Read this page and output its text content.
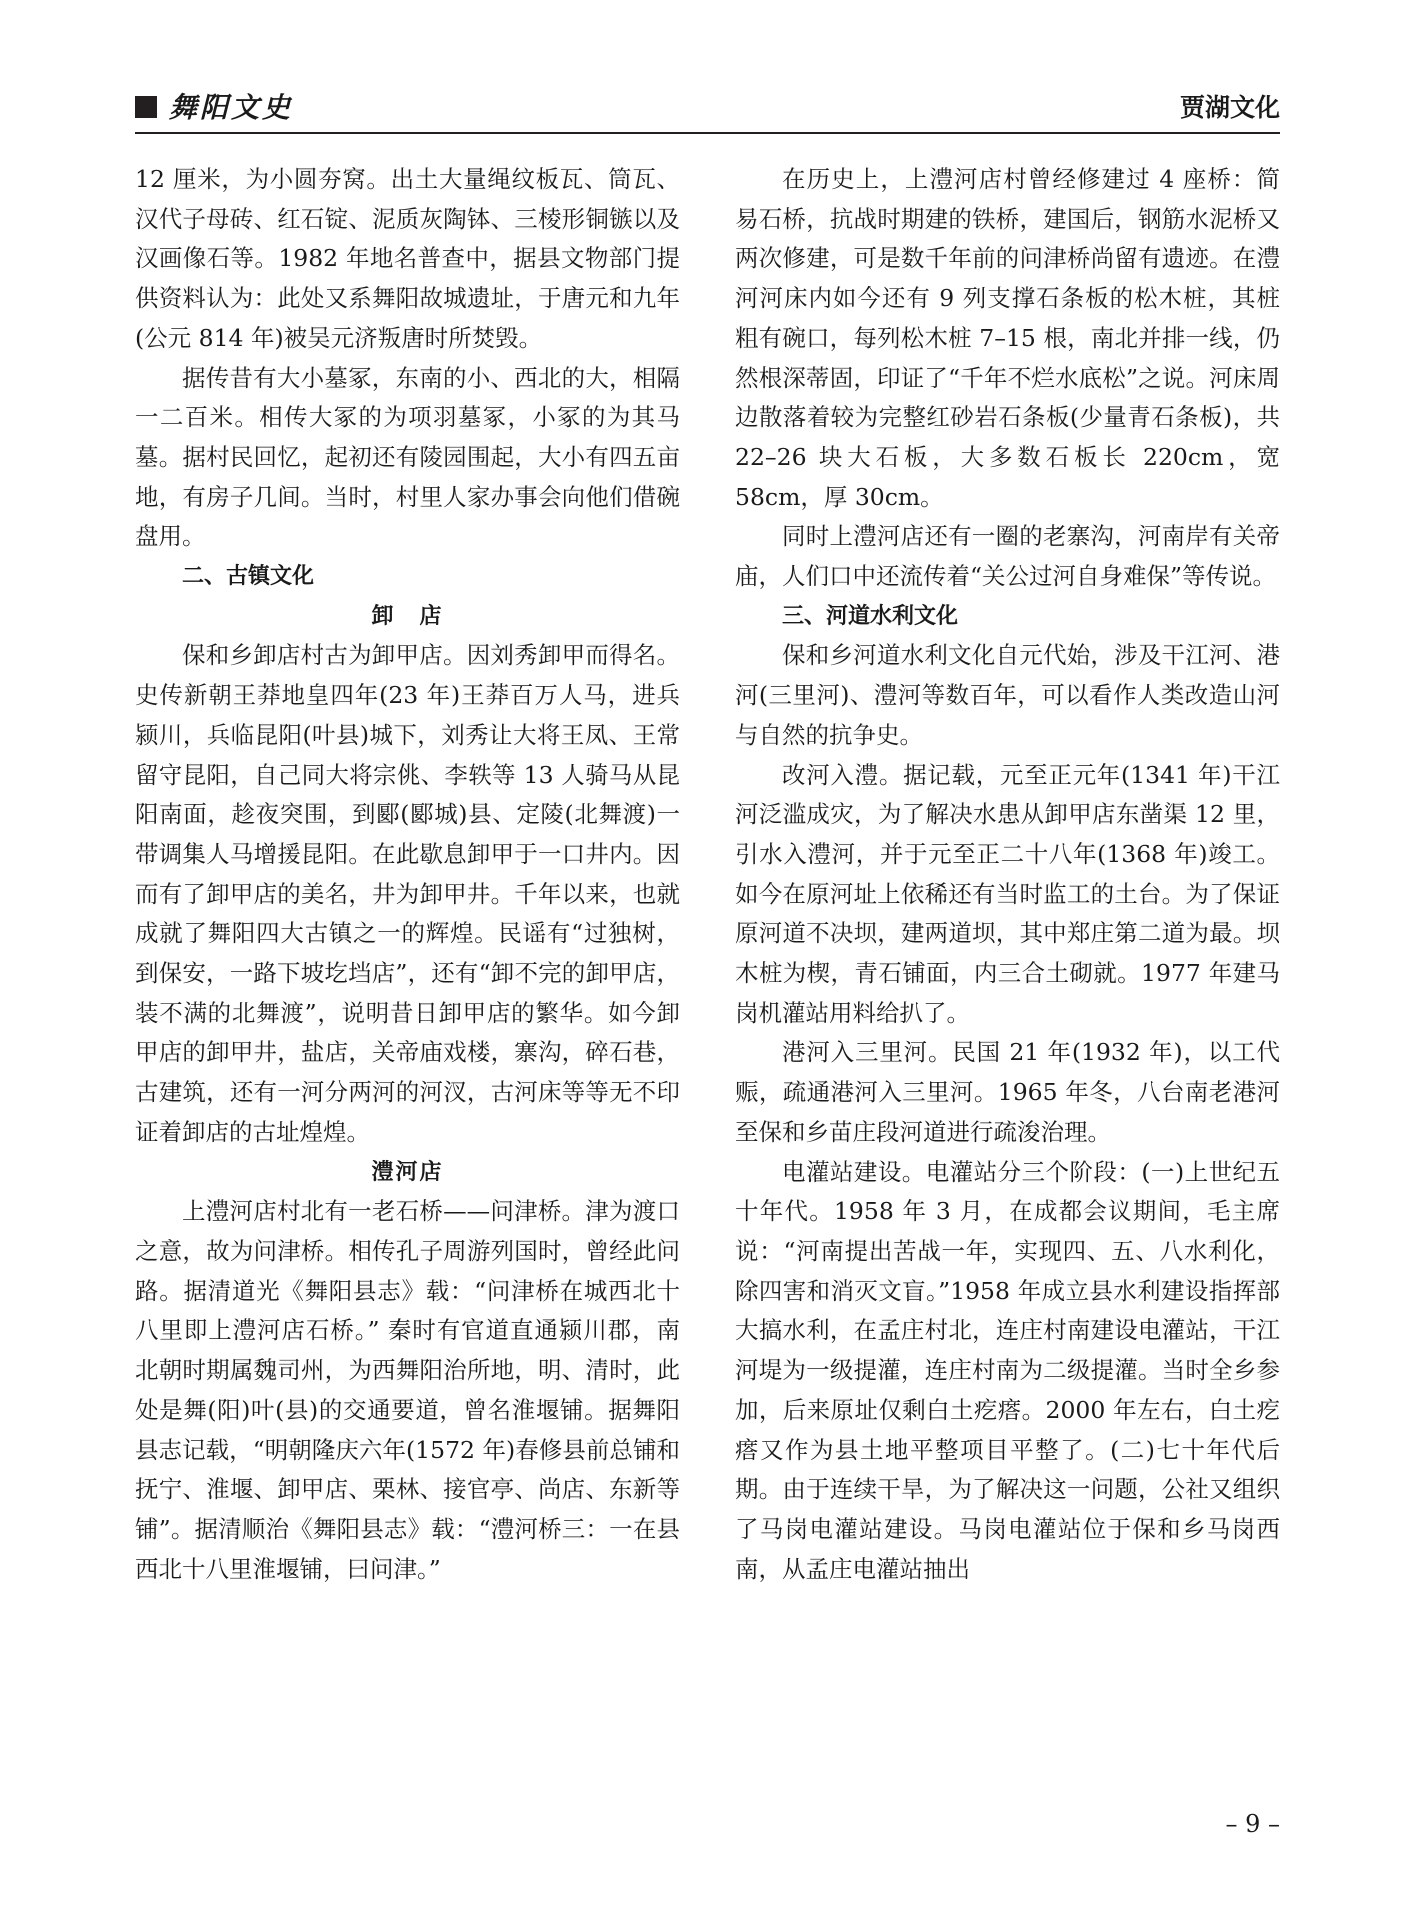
舞阳文史	贾湖文化

12 厘米，为小圆夯窝。出土大量绳纹板瓦、筒瓦、汉代子母砖、红石锭、泥质灰陶钵、三棱形铜镞以及汉画像石等。1982 年地名普查中，据县文物部门提供资料认为：此处又系舞阳故城遗址，于唐元和九年(公元 814 年)被吴元济叛唐时所焚毁。

据传昔有大小墓冢，东南的小、西北的大，相隔一二百米。相传大冢的为项羽墓冢，小冢的为其马墓。据村民回忆，起初还有陵园围起，大小有四五亩地，有房子几间。当时，村里人家办事会向他们借碗盘用。

二、古镇文化
卸　店

保和乡卸店村古为卸甲店。因刘秀卸甲而得名。史传新朝王莽地皇四年(23 年)王莽百万人马，进兵颍川，兵临昆阳(叶县)城下，刘秀让大将王凤、王常留守昆阳，自己同大将宗佻、李轶等 13 人骑马从昆阳南面，趁夜突围，到郾(郾城)县、定陵(北舞渡)一带调集人马增援昆阳。在此歇息卸甲于一口井内。因而有了卸甲店的美名，井为卸甲井。千年以来，也就成就了舞阳四大古镇之一的辉煌。民谣有“过独树，到保安，一路下坡圪垱店”，还有“卸不完的卸甲店，装不满的北舞渡”，说明昔日卸甲店的繁华。如今卸甲店的卸甲井，盐店，关帝庙戏楼，寨沟，碎石巷，古建筑，还有一河分两河的河汊，古河床等等无不印证着卸店的古址煌煌。

澧河店

上澧河店村北有一老石桥——问津桥。津为渡口之意，故为问津桥。相传孔子周游列国时，曾经此问路。据清道光《舞阳县志》载：“问津桥在城西北十八里即上澧河店石桥。” 秦时有官道直通颍川郡，南北朝时期属魏司州，为西舞阳治所地，明、清时，此处是舞(阳)叶(县)的交通要道，曾名淮堰铺。据舞阳县志记载，“明朝隆庆六年(1572 年)春修县前总铺和抚宁、淮堰、卸甲店、栗林、接官亭、尚店、东新等铺”。据清顺治《舞阳县志》载：“澧河桥三：一在县西北十八里淮堰铺，曰问津。”

在历史上，上澧河店村曾经修建过 4 座桥：简易石桥，抗战时期建的铁桥，建国后，钢筋水泥桥又两次修建，可是数千年前的问津桥尚留有遗迹。在澧河河床内如今还有 9 列支撑石条板的松木桩，其桩粗有碗口，每列松木桩 7–15 根，南北并排一线，仍然根深蒂固，印证了“千年不烂水底松”之说。河床周边散落着较为完整红砂岩石条板(少量青石条板)，共 22–26 块大石板，大多数石板长 220cm，宽 58cm，厚 30cm。

同时上澧河店还有一圈的老寨沟，河南岸有关帝庙，人们口中还流传着“关公过河自身难保”等传说。

三、河道水利文化

保和乡河道水利文化自元代始，涉及干江河、港河(三里河)、澧河等数百年，可以看作人类改造山河与自然的抗争史。

改河入澧。据记载，元至正元年(1341 年)干江河泛滥成灾，为了解决水患从卸甲店东凿渠 12 里，引水入澧河，并于元至正二十八年(1368 年)竣工。如今在原河址上依稀还有当时监工的土台。为了保证原河道不决坝，建两道坝，其中郑庄第二道为最。坝木桩为楔，青石铺面，内三合土砌就。1977 年建马岗机灌站用料给扒了。

港河入三里河。民国 21 年(1932 年)，以工代赈，疏通港河入三里河。1965 年冬，八台南老港河至保和乡苗庄段河道进行疏浚治理。

电灌站建设。电灌站分三个阶段：(一)上世纪五十年代。1958 年 3 月，在成都会议期间，毛主席说：“河南提出苦战一年，实现四、五、八水利化，除四害和消灭文盲。”1958 年成立县水利建设指挥部大搞水利，在孟庄村北，连庄村南建设电灌站，干江河堤为一级提灌，连庄村南为二级提灌。当时全乡参加，后来原址仅剩白土疙瘩。2000 年左右，白土疙瘩又作为县土地平整项目平整了。(二)七十年代后期。由于连续干旱，为了解决这一问题，公社又组织了马岗电灌站建设。马岗电灌站位于保和乡马岗西南，从孟庄电灌站抽出

– 9 –
